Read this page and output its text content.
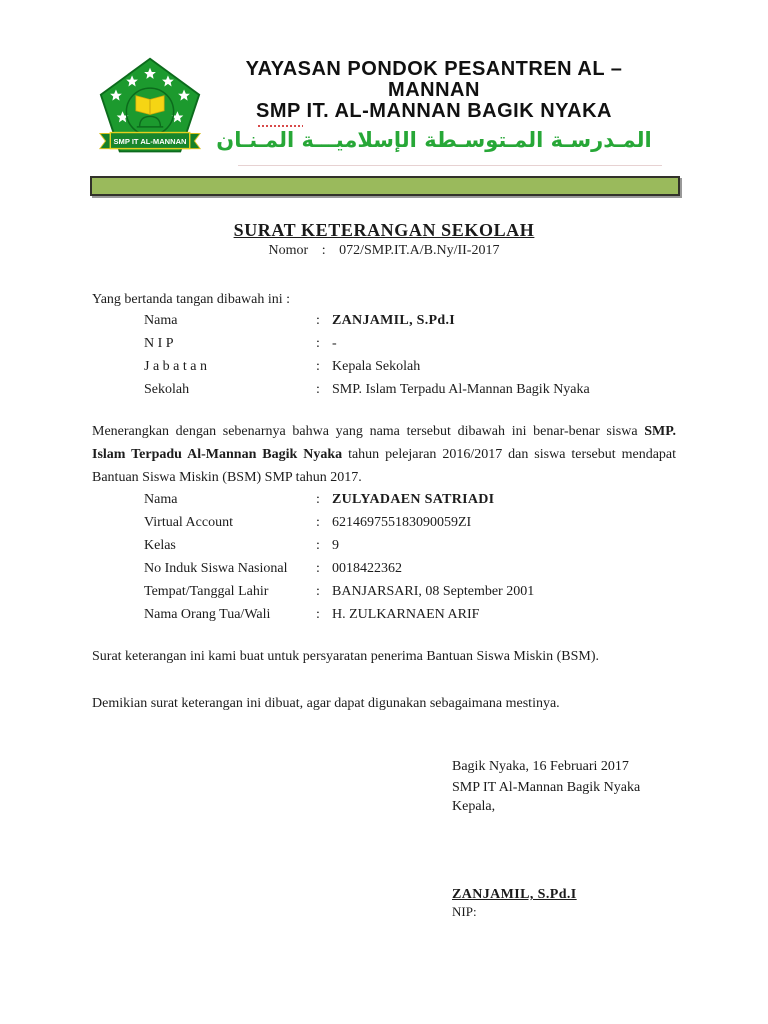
SMP IT AL-MANNAN
YAYASAN PONDOK PESANTREN AL –
MANNAN
SMP IT. AL-MANNAN BAGIK NYAKA
المـدرسـة المـتوسـطة الإسلاميـــة المـنـان
SURAT KETERANGAN SEKOLAH
Nomor : 072/SMP.IT.A/B.Ny/II-2017
Yang bertanda tangan dibawah ini :
Nama	: ZANJAMIL, S.Pd.I
N I P	: -
J a b a t a n	: Kepala Sekolah
Sekolah	: SMP. Islam Terpadu Al-Mannan Bagik Nyaka
Menerangkan dengan sebenarnya bahwa yang nama tersebut dibawah ini benar-benar siswa SMP. Islam Terpadu Al-Mannan Bagik Nyaka tahun pelejaran 2016/2017 dan siswa tersebut mendapat Bantuan Siswa Miskin (BSM) SMP tahun 2017.
Nama	: ZULYADAEN SATRIADI
Virtual Account	: 621469755183090059ZI
Kelas	: 9
No Induk Siswa Nasional	: 0018422362
Tempat/Tanggal Lahir	: BANJARSARI, 08 September 2001
Nama Orang Tua/Wali	: H. ZULKARNAEN ARIF
Surat keterangan ini kami buat untuk persyaratan penerima Bantuan Siswa Miskin (BSM).
Demikian surat keterangan ini dibuat, agar dapat digunakan sebagaimana mestinya.
Bagik Nyaka, 16 Februari 2017
SMP IT Al-Mannan Bagik Nyaka
Kepala,
ZANJAMIL, S.Pd.I
NIP:
